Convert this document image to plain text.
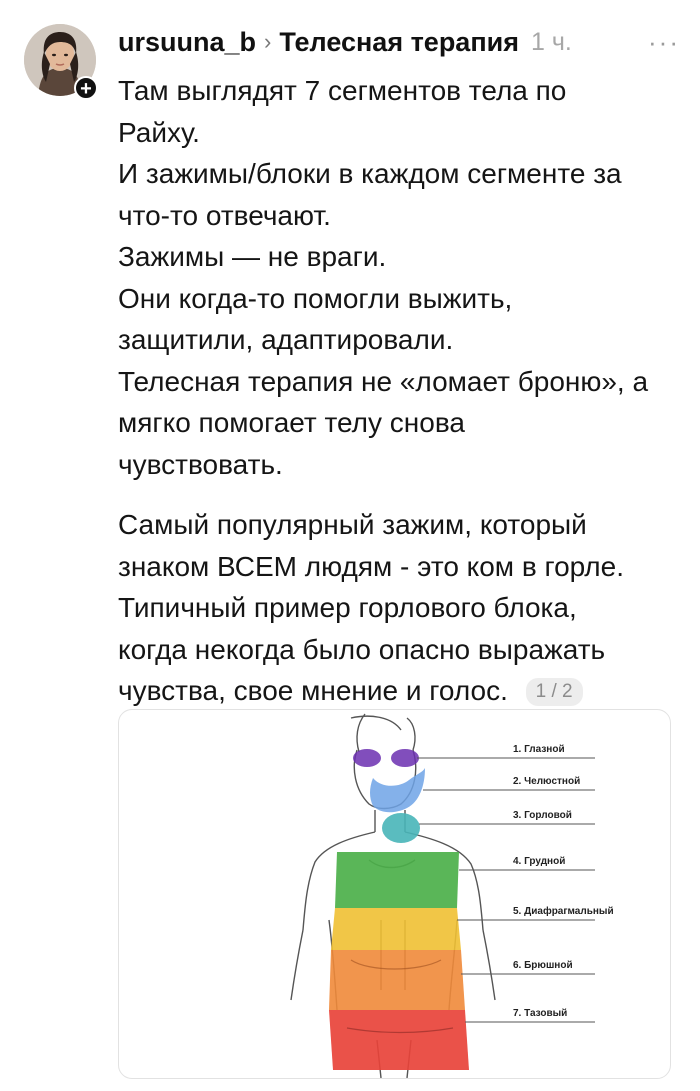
+
ursuuna_b › Телесная терапия 1 ч.	···

Там выглядят 7 сегментов тела по
Райху.
И зажимы/блоки в каждом сегменте за
что-то отвечают.
Зажимы — не враги.
Они когда-то помогли выжить,
защитили, адаптировали.
Телесная терапия не «ломает броню», а
мягко помогает телу снова
чувствовать.

Самый популярный зажим, который
знаком ВСЕМ людям - это ком в горле.
Типичный пример горлового блока,
когда некогда было опасно выражать
чувства, свое мнение и голос. 1 / 2

1. Глазной
2. Челюстной
3. Горловой
4. Грудной
5. Диафрагмальный
6. Брюшной
7. Тазовый
